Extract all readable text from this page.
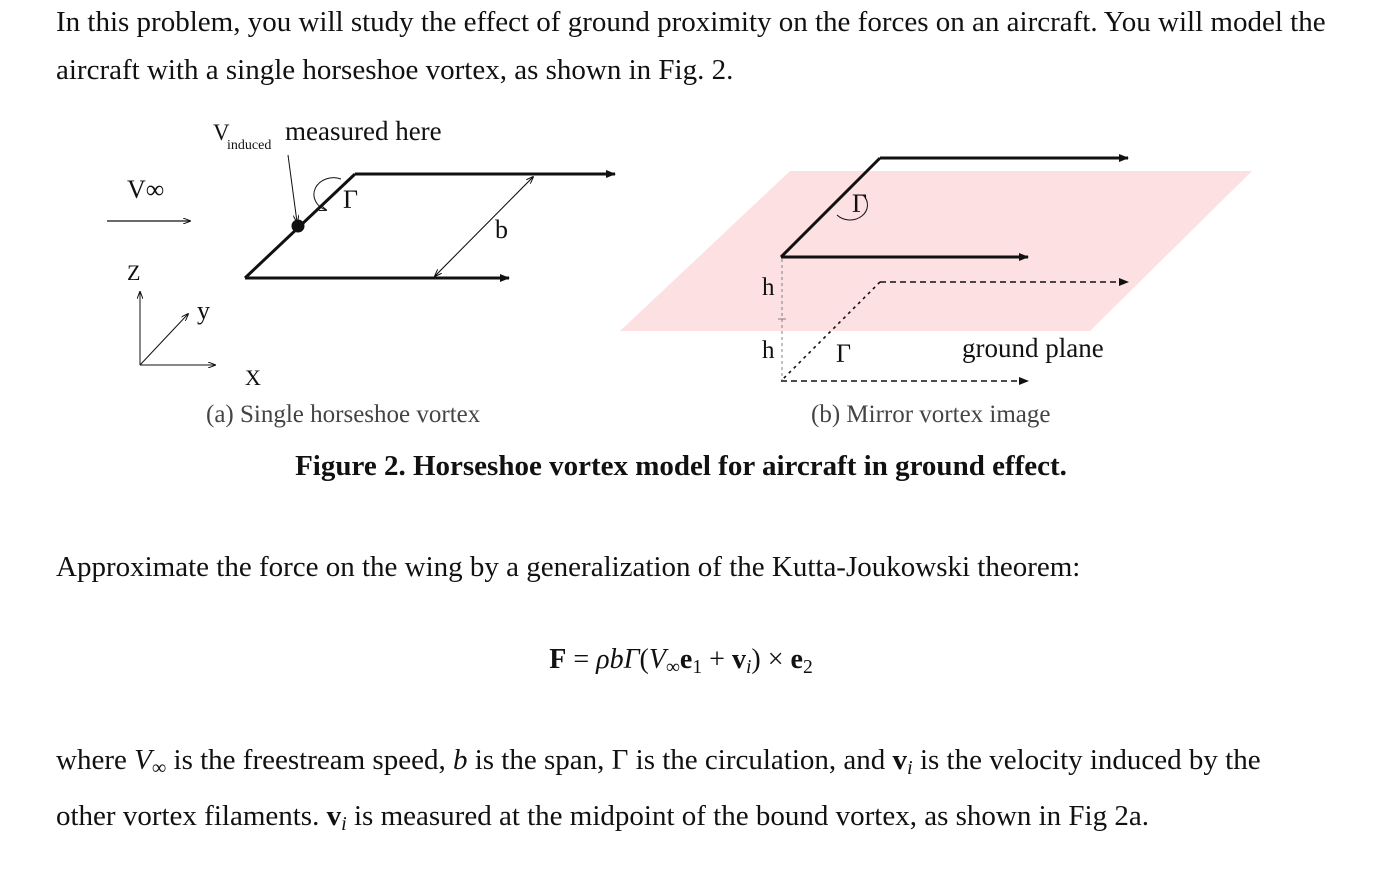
In this problem, you will study the effect of ground proximity on the forces on an aircraft. You will model the aircraft with a single horseshoe vortex, as shown in Fig. 2.

V
induced measured here
V∞	Γ
b
Z
y
X
(a) Single horseshoe vortex
Γ
Γ
h
h	ground plane
(b) Mirror vortex image
Figure 2. Horseshoe vortex model for aircraft in ground effect.

Approximate the force on the wing by a generalization of the Kutta-Joukowski theorem:

$F = \rho b\Gamma(V_\infty e_1 + v_i) \times e_2$

where $V_\infty$ is the freestream speed, b is the span, Γ is the circulation, and $v_i$ is the velocity induced by the other vortex filaments. $v_i$ is measured at the midpoint of the bound vortex, as shown in Fig 2a.
